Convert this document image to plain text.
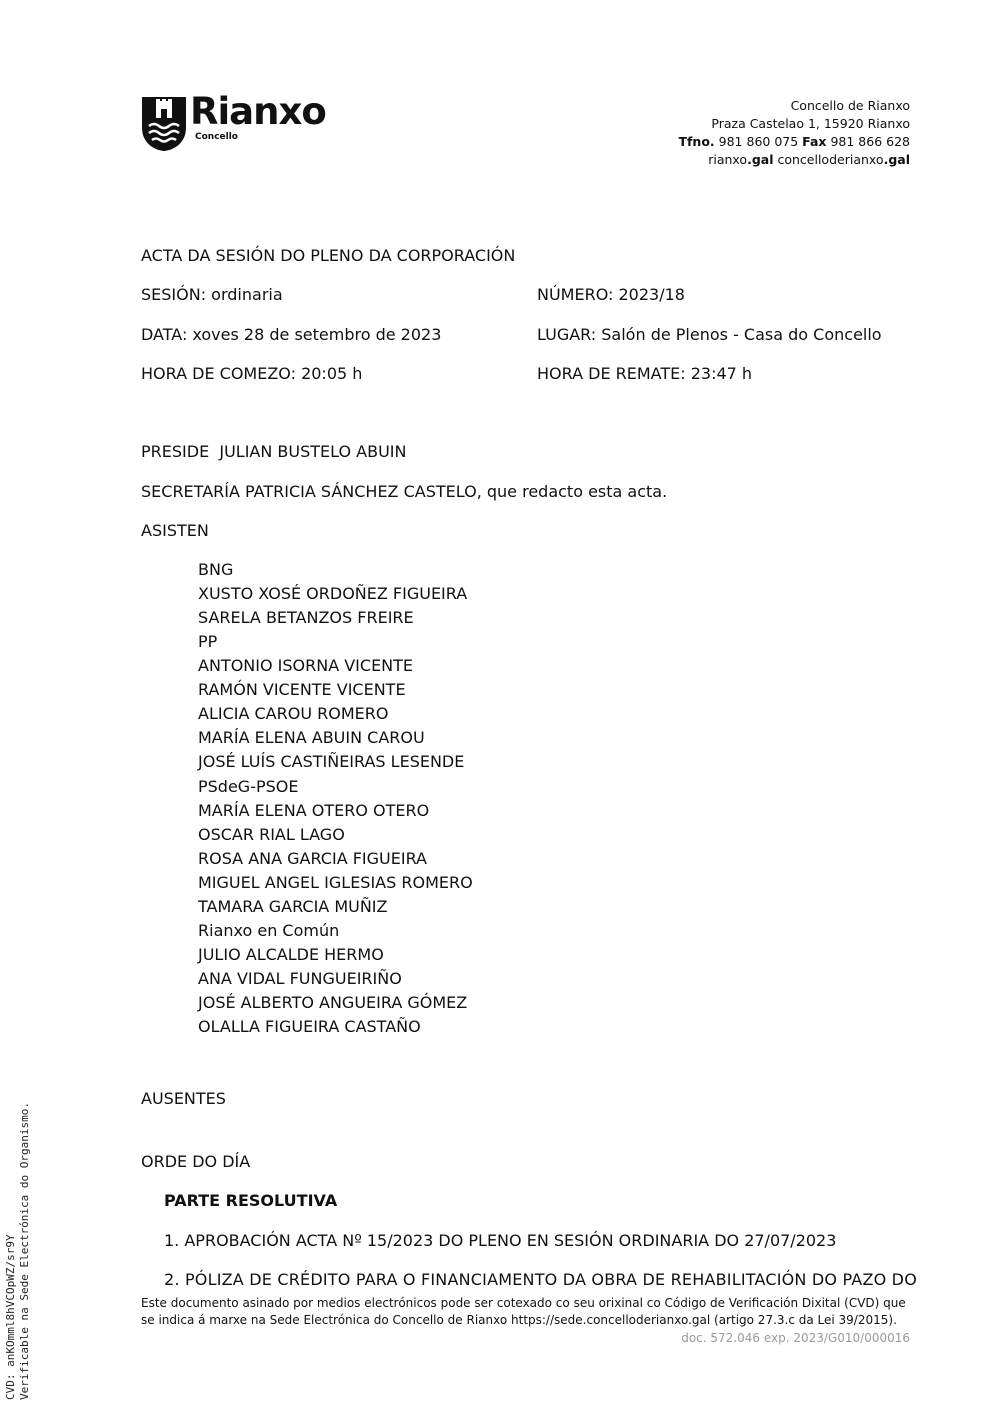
Rianxo
Concello
Concello de Rianxo
Praza Castelao 1, 15920 Rianxo
Tfno. 981 860 075 Fax 981 866 628
rianxo.gal concelloderianxo.gal
ACTA DA SESIÓN DO PLENO DA CORPORACIÓN
SESIÓN: ordinaria	NÚMERO: 2023/18
DATA: xoves 28 de setembro de 2023	LUGAR: Salón de Plenos - Casa do Concello
HORA DE COMEZO: 20:05 h	HORA DE REMATE: 23:47 h
PRESIDE  JULIAN BUSTELO ABUIN
SECRETARÍA PATRICIA SÁNCHEZ CASTELO, que redacto esta acta.
ASISTEN
BNG
XUSTO XOSÉ ORDOÑEZ FIGUEIRA
SARELA BETANZOS FREIRE
PP
ANTONIO ISORNA VICENTE
RAMÓN VICENTE VICENTE
ALICIA CAROU ROMERO
MARÍA ELENA ABUIN CAROU
JOSÉ LUÍS CASTIÑEIRAS LESENDE
PSdeG-PSOE
MARÍA ELENA OTERO OTERO
OSCAR RIAL LAGO
ROSA ANA GARCIA FIGUEIRA
MIGUEL ANGEL IGLESIAS ROMERO
TAMARA GARCIA MUÑIZ
Rianxo en Común
JULIO ALCALDE HERMO
ANA VIDAL FUNGUEIRIÑO
JOSÉ ALBERTO ANGUEIRA GÓMEZ
OLALLA FIGUEIRA CASTAÑO
AUSENTES
ORDE DO DÍA
PARTE RESOLUTIVA
1. APROBACIÓN ACTA Nº 15/2023 DO PLENO EN SESIÓN ORDINARIA DO 27/07/2023
2. PÓLIZA DE CRÉDITO PARA O FINANCIAMENTO DA OBRA DE REHABILITACIÓN DO PAZO DO
Este documento asinado por medios electrónicos pode ser cotexado co seu orixinal co Código de Verificación Dixital (CVD) que
se indica á marxe na Sede Electrónica do Concello de Rianxo https://sede.concelloderianxo.gal (artigo 27.3.c da Lei 39/2015).
doc. 572.046 exp. 2023/G010/000016
CVD: anKOmml8hVCOpWZ/sr9Y Verificable na Sede Electrónica do Organismo.
